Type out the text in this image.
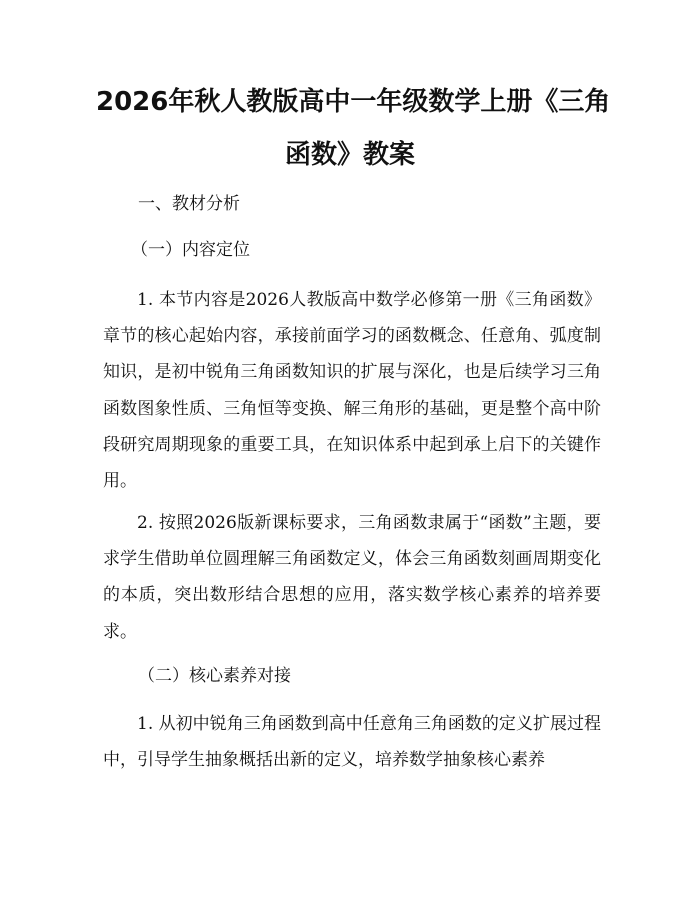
2026年秋人教版高中一年级数学上册《三角
函数》教案

一、教材分析

（一）内容定位

1. 本节内容是2026人教版高中数学必修第一册《三角函数》章节的核心起始内容，承接前面学习的函数概念、任意角、弧度制知识，是初中锐角三角函数知识的扩展与深化，也是后续学习三角函数图象性质、三角恒等变换、解三角形的基础，更是整个高中阶段研究周期现象的重要工具，在知识体系中起到承上启下的关键作用。

2. 按照2026版新课标要求，三角函数隶属于“函数”主题，要求学生借助单位圆理解三角函数定义，体会三角函数刻画周期变化的本质，突出数形结合思想的应用，落实数学核心素养的培养要求。

（二）核心素养对接

1. 从初中锐角三角函数到高中任意角三角函数的定义扩展过程中，引导学生抽象概括出新的定义，培养数学抽象核心素养
